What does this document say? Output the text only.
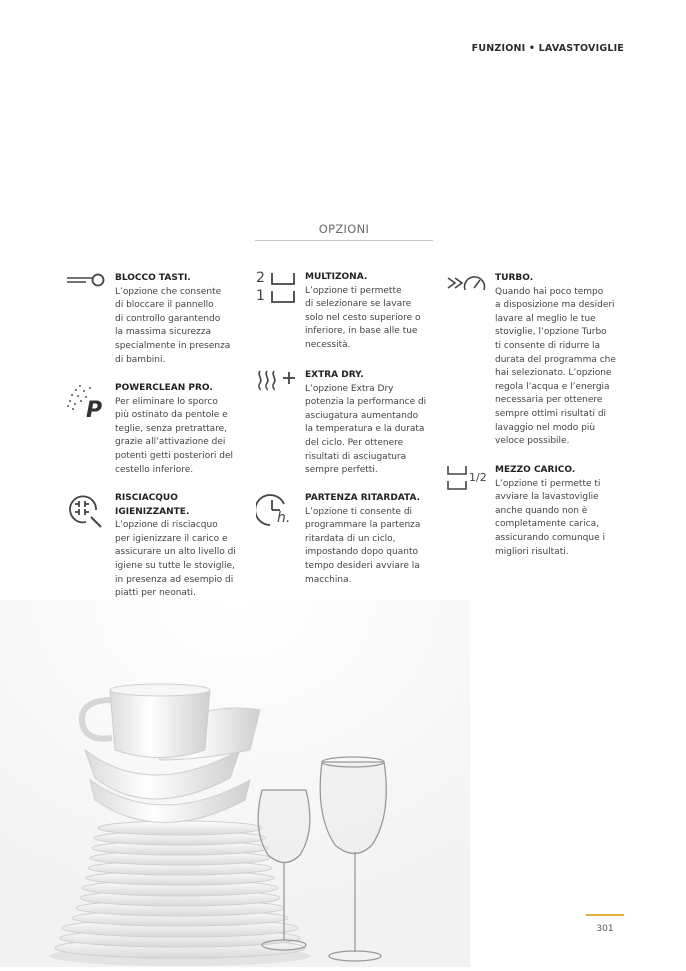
FUNZIONI • LAVASTOVIGLIE
OPZIONI

BLOCCO TASTI.

L’opzione che consente

di bloccare il pannello

di controllo garantendo

la massima sicurezza

specialmente in presenza

di bambini.

P

POWERCLEAN PRO.

Per eliminare lo sporco

più ostinato da pentole e

teglie, senza pretrattare,

grazie all’attivazione dei

potenti getti posteriori del

cestello inferiore.

RISCIACQUO

IGIENIZZANTE.

L’opzione di risciacquo

per igienizzare il carico e

assicurare un alto livello di

igiene su tutte le stoviglie,

in presenza ad esempio di

piatti per neonati.

2
1

MULTIZONA.

L’opzione ti permette

di selezionare se lavare

solo nel cesto superiore o

inferiore, in base alle tue

necessità.

EXTRA DRY.

L’opzione Extra Dry

potenzia la performance di

asciugatura aumentando

la temperatura e la durata

del ciclo. Per ottenere

risultati di asciugatura

sempre perfetti.

h.

PARTENZA RITARDATA.

L’opzione ti consente di

programmare la partenza

ritardata di un ciclo,

impostando dopo quanto

tempo desideri avviare la

macchina.

TURBO.

Quando hai poco tempo

a disposizione ma desideri

lavare al meglio le tue

stoviglie, l’opzione Turbo

ti consente di ridurre la

durata del programma che

hai selezionato. L’opzione

regola l’acqua e l’energia

necessaria per ottenere

sempre ottimi risultati di

lavaggio nel modo più

veloce possibile.

1/2

MEZZO CARICO.

L’opzione ti permette ti

avviare la lavastoviglie

anche quando non è

completamente carica,

assicurando comunque i

migliori risultati.

301
